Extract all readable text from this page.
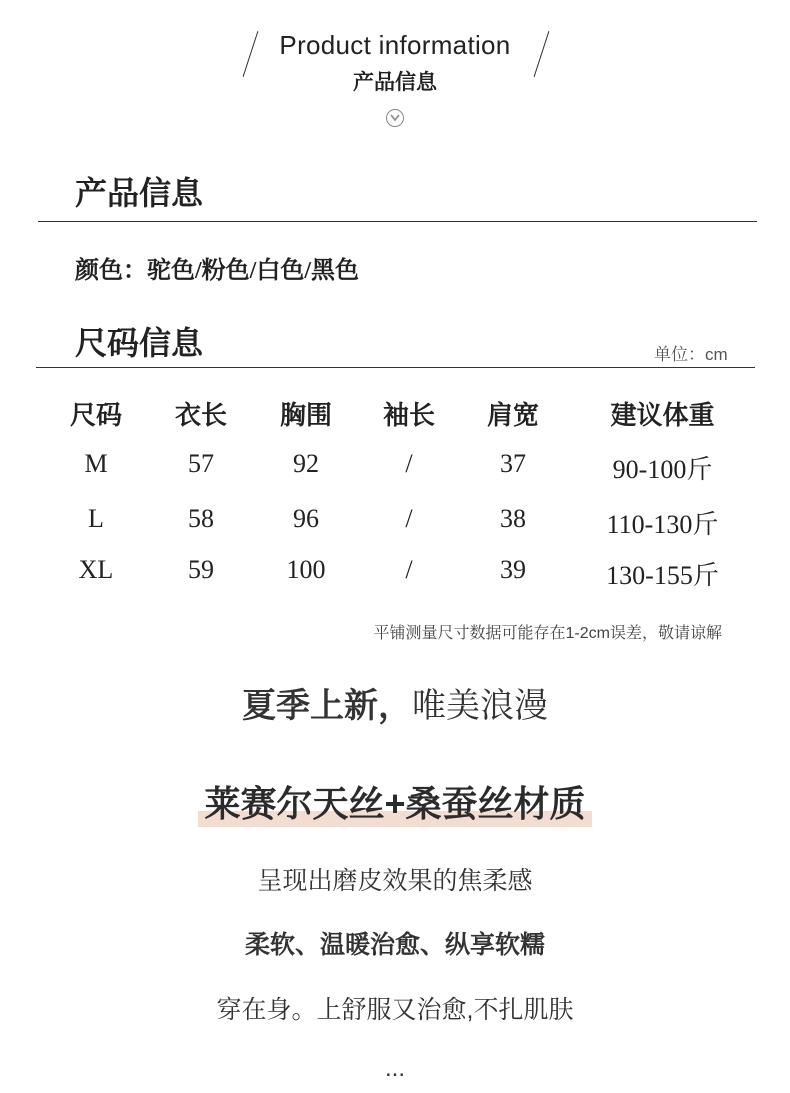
Product information
产品信息
产品信息
颜色：驼色/粉色/白色/黑色
尺码信息	单位：cm
尺码	衣长	胸围	袖长	肩宽	建议体重
M	57	92	/	37	90-100斤
L	58	96	/	38	110-130斤
XL	59	100	/	39	130-155斤
平铺测量尺寸数据可能存在1-2cm误差，敬请谅解
夏季上新，唯美浪漫
莱赛尔天丝+桑蚕丝材质
呈现出磨皮效果的焦柔感
柔软、温暖治愈、纵享软糯
穿在身。上舒服又治愈,不扎肌肤
...
